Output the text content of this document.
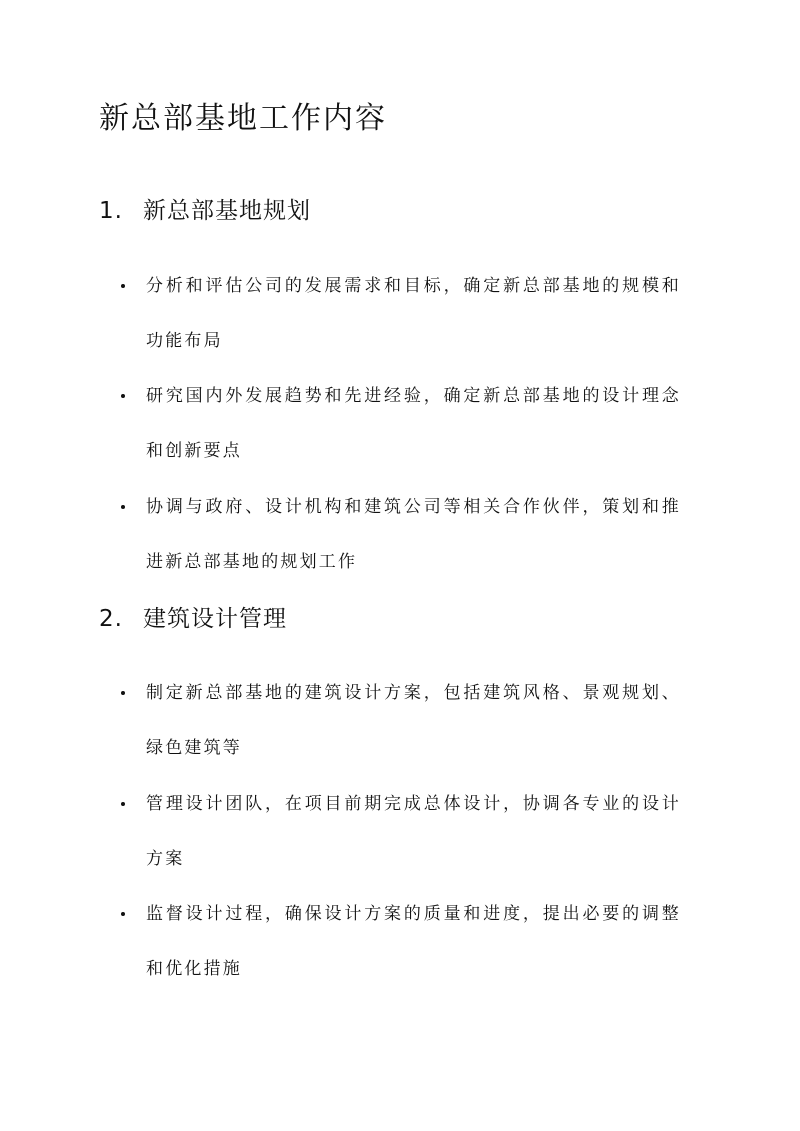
新总部基地工作内容
1. 新总部基地规划
分析和评估公司的发展需求和目标，确定新总部基地的规模和功能布局
研究国内外发展趋势和先进经验，确定新总部基地的设计理念和创新要点
协调与政府、设计机构和建筑公司等相关合作伙伴，策划和推进新总部基地的规划工作
2. 建筑设计管理
制定新总部基地的建筑设计方案，包括建筑风格、景观规划、绿色建筑等
管理设计团队，在项目前期完成总体设计，协调各专业的设计方案
监督设计过程，确保设计方案的质量和进度，提出必要的调整和优化措施
